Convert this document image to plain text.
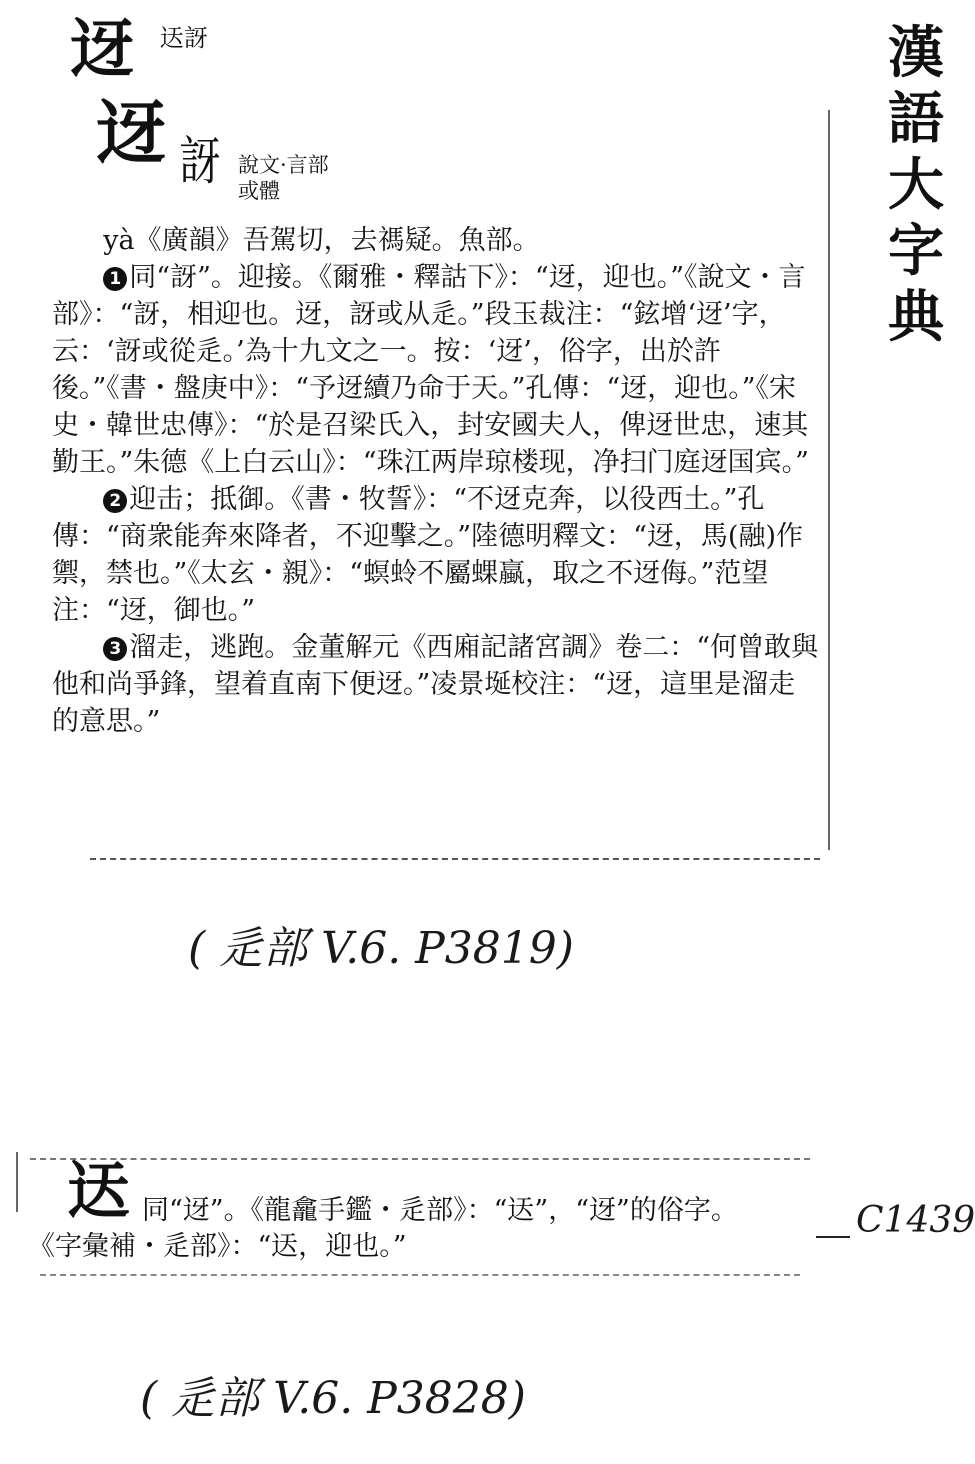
漢
語
大
字
典
迓 迗訝
迓 訝 說文·言部
或體

yà《廣韻》吾駕切，去禡疑。魚部。

1 同“訝”。迎接。《爾雅・釋詁下》：“迓，迎也。”《說文・言部》：“訝，相迎也。迓，訝或从辵。”段玉裁注：“鉉增‘迓’字，云：‘訝或從辵。’為十九文之一。按：‘迓’，俗字，出於許後。”《書・盤庚中》：“予迓續乃命于天。”孔傳：“迓，迎也。”《宋史・韓世忠傳》：“於是召梁氏入，封安國夫人，俾迓世忠，速其勤王。”朱德《上白云山》：“珠江两岸琼楼现，净扫门庭迓国宾。”

2 迎击；抵御。《書・牧誓》：“不迓克奔，以役西土。”孔傳：“商衆能奔來降者，不迎擊之。”陸德明釋文：“迓，馬(融)作禦，禁也。”《太玄・親》：“螟蛉不屬蜾蠃，取之不迓侮。”范望注：“迓，御也。”

3 溜走，逃跑。金董解元《西廂記諸宮調》卷二：“何曾敢與他和尚爭鋒，望着直南下便迓。”凌景埏校注：“迓，這里是溜走的意思。”

( 辵部 V.6. P3819)
迗 同“迓”。《龍龕手鑑・辵部》：“迗”，“迓”的俗字。
《字彙補・辵部》：“迗，迎也。”
C1439
( 辵部 V.6. P3828)
